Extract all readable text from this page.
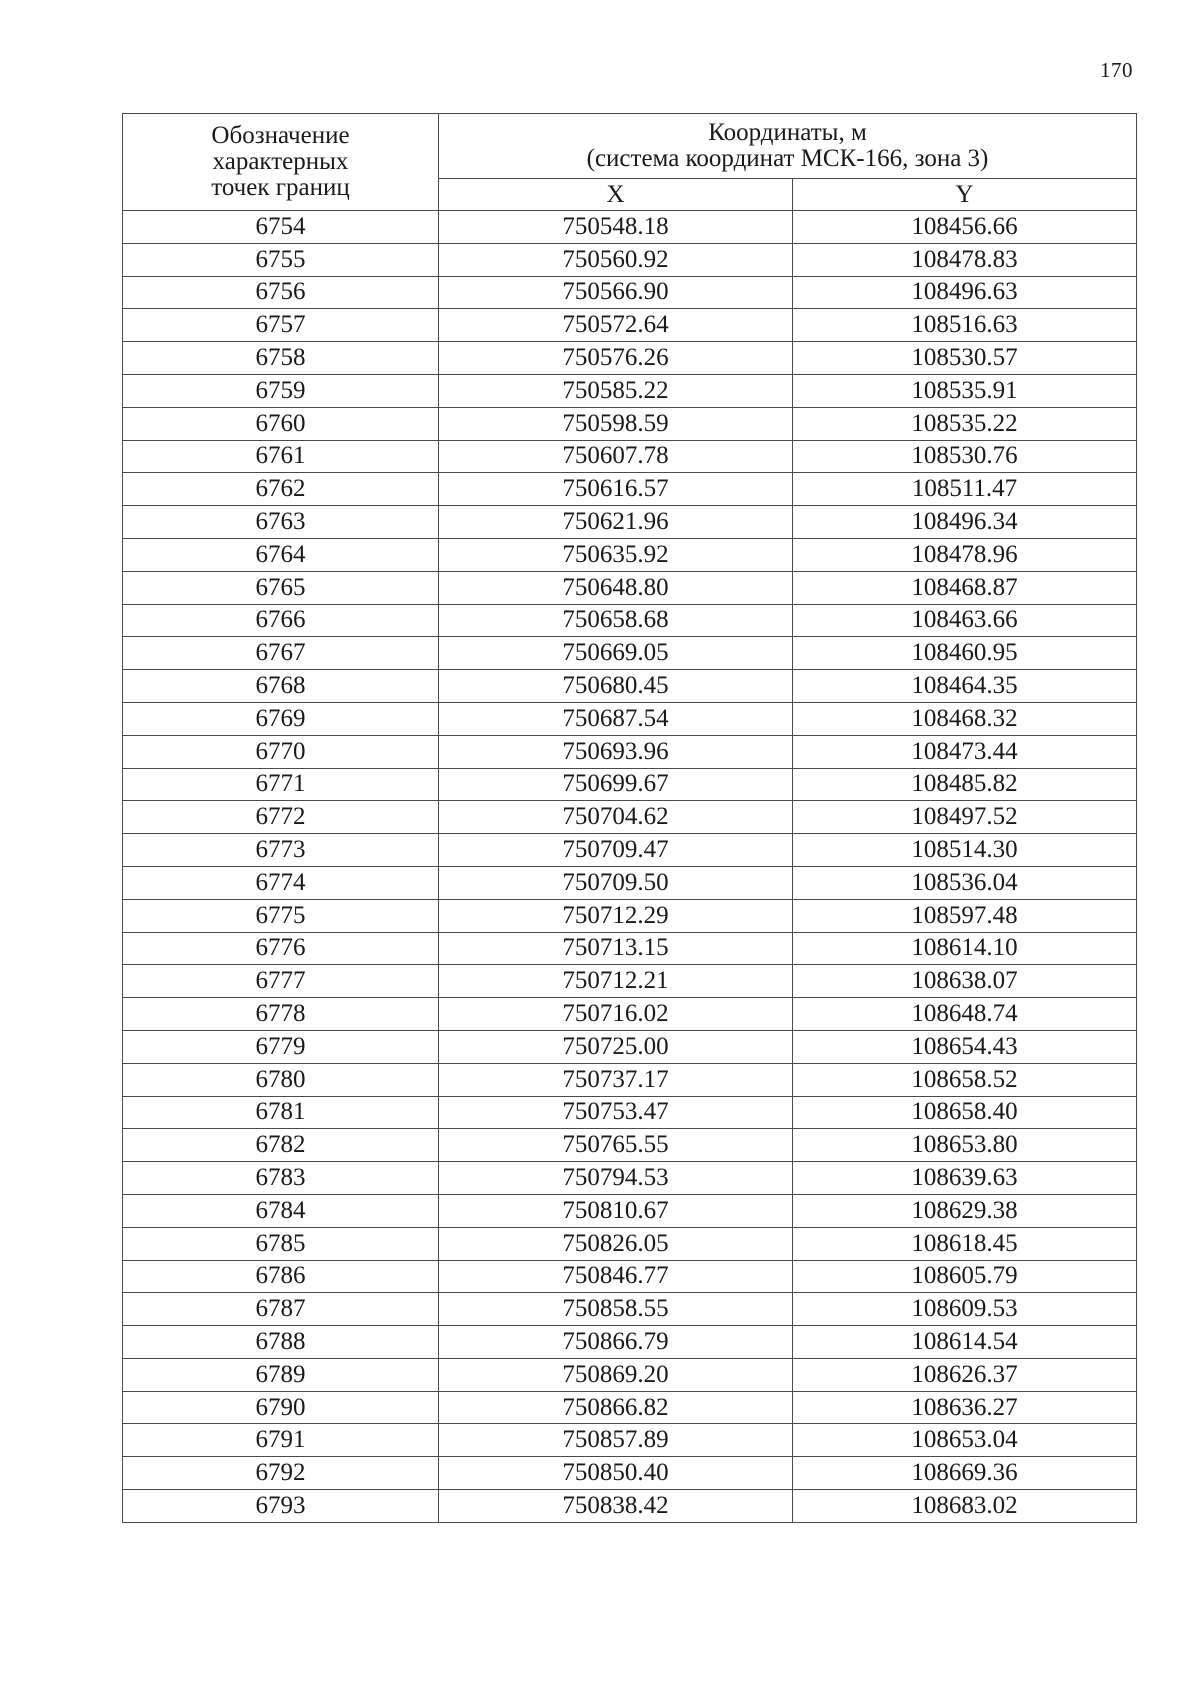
170
Обозначение
характерных
точек границ	Координаты, м
(система координат МСК-166, зона 3)	

	X	Y
6754	750548.18	108456.66
6755	750560.92	108478.83
6756	750566.90	108496.63
6757	750572.64	108516.63
6758	750576.26	108530.57
6759	750585.22	108535.91
6760	750598.59	108535.22
6761	750607.78	108530.76
6762	750616.57	108511.47
6763	750621.96	108496.34
6764	750635.92	108478.96
6765	750648.80	108468.87
6766	750658.68	108463.66
6767	750669.05	108460.95
6768	750680.45	108464.35
6769	750687.54	108468.32
6770	750693.96	108473.44
6771	750699.67	108485.82
6772	750704.62	108497.52
6773	750709.47	108514.30
6774	750709.50	108536.04
6775	750712.29	108597.48
6776	750713.15	108614.10
6777	750712.21	108638.07
6778	750716.02	108648.74
6779	750725.00	108654.43
6780	750737.17	108658.52
6781	750753.47	108658.40
6782	750765.55	108653.80
6783	750794.53	108639.63
6784	750810.67	108629.38
6785	750826.05	108618.45
6786	750846.77	108605.79
6787	750858.55	108609.53
6788	750866.79	108614.54
6789	750869.20	108626.37
6790	750866.82	108636.27
6791	750857.89	108653.04
6792	750850.40	108669.36
6793	750838.42	108683.02
